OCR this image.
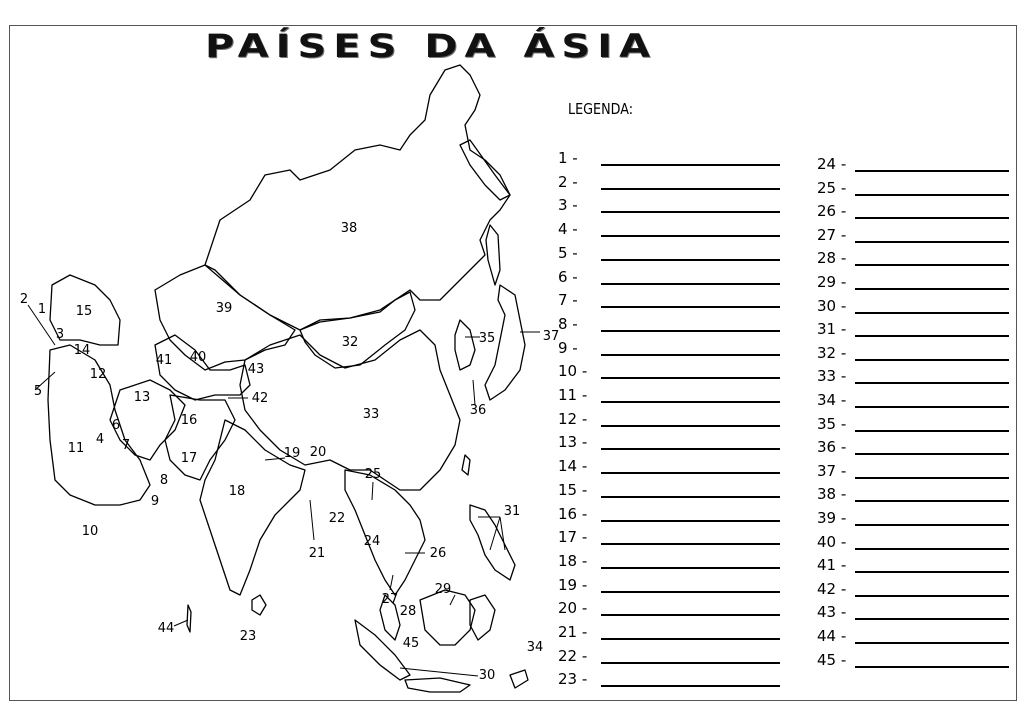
PAÍSES DA ÁSIA
1
2
3
4
5
6
7
8
9
10
11
12
13
14
15
16
17
18
19 20
21
22
23
24
25
26
27
28
29
30
31
32
33
34
35
36
37
38
39
40
41
42
43
44
45
LEGENDA:
1 -
2 -
3 -
4 -
5 -
6 -
7 -
8 -
9 -
10 -
11 -
12 -
13 -
14 -
15 -
16 -
17 -
18 -
19 -
20 -
21 -
22 -
23 -
24 -
25 -
26 -
27 -
28 -
29 -
30 -
31 -
32 -
33 -
34 -
35 -
36 -
37 -
38 -
39 -
40 -
41 -
42 -
43 -
44 -
45 -
